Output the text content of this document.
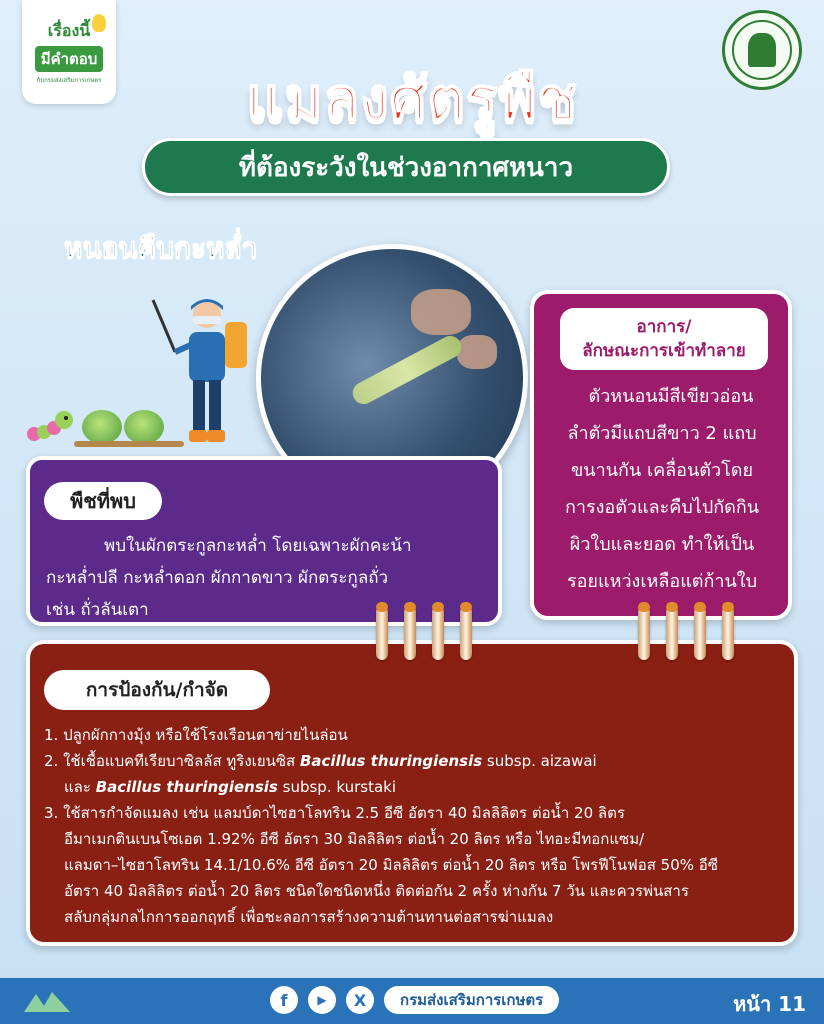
เรื่องนี้
มีคำตอบ
กับกรมส่งเสริมการเกษตร	แมลงศัตรูพืช
ที่ต้องระวังในช่วงอากาศหนาว
หนอนคืบกะหล่ำ
พืชที่พบ
พบในผักตระกูลกะหล่ำ โดยเฉพาะผักคะน้า
กะหล่ำปลี กะหล่ำดอก ผักกาดขาว ผักตระกูลถั่ว
เช่น ถั่วลันเตา
อาการ/
ลักษณะการเข้าทำลาย
ตัวหนอนมีสีเขียวอ่อน
ลำตัวมีแถบสีขาว 2 แถบ
ขนานกัน เคลื่อนตัวโดย
การงอตัวและคืบไปกัดกิน
ผิวใบและยอด ทำให้เป็น
รอยแหว่งเหลือแต่ก้านใบ
การป้องกัน/กำจัด
1. ปลูกผักกางมุ้ง หรือใช้โรงเรือนตาข่ายไนล่อน
2. ใช้เชื้อแบคทีเรียบาซิลลัส ทูริงเยนซิส Bacillus thuringiensis subsp. aizawai
และ Bacillus thuringiensis subsp. kurstaki
3. ใช้สารกำจัดแมลง เช่น แลมบ์ดาไซฮาโลทริน 2.5 อีซี อัตรา 40 มิลลิลิตร ต่อน้ำ 20 ลิตร
อีมาเมกตินเบนโซเอต 1.92% อีซี อัตรา 30 มิลลิลิตร ต่อน้ำ 20 ลิตร หรือ ไทอะมีทอกแซม/
แลมดา–ไซฮาโลทริน 14.1/10.6% อีซี อัตรา 20 มิลลิลิตร ต่อน้ำ 20 ลิตร หรือ โพรฟีโนฟอส 50% อีซี
อัตรา 40 มิลลิลิตร ต่อน้ำ 20 ลิตร ชนิดใดชนิดหนึ่ง ติดต่อกัน 2 ครั้ง ห่างกัน 7 วัน และควรพ่นสาร
สลับกลุ่มกลไกการออกฤทธิ์ เพื่อชะลอการสร้างความต้านทานต่อสารฆ่าแมลง
f	▶	X	กรมส่งเสริมการเกษตร	หน้า 11
